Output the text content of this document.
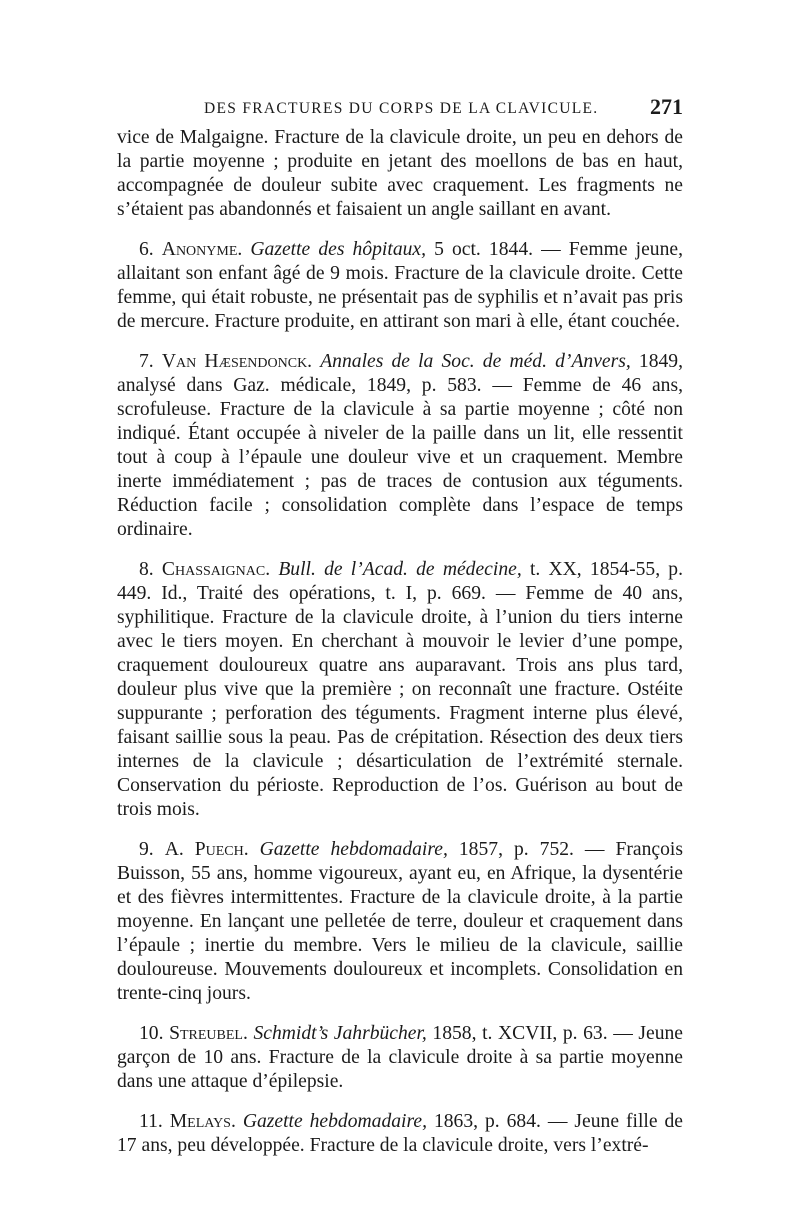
DES FRACTURES DU CORPS DE LA CLAVICULE. 271

vice de Malgaigne. Fracture de la clavicule droite, un peu en dehors de la partie moyenne ; produite en jetant des moellons de bas en haut, accompagnée de douleur subite avec craquement. Les fragments ne s’étaient pas abandonnés et faisaient un angle saillant en avant.

6. Anonyme. Gazette des hôpitaux, 5 oct. 1844. — Femme jeune, allaitant son enfant âgé de 9 mois. Fracture de la clavicule droite. Cette femme, qui était robuste, ne présentait pas de syphilis et n’avait pas pris de mercure. Fracture produite, en attirant son mari à elle, étant couchée.

7. Van Hæsendonck. Annales de la Soc. de méd. d’Anvers, 1849, analysé dans Gaz. médicale, 1849, p. 583. — Femme de 46 ans, scrofuleuse. Fracture de la clavicule à sa partie moyenne ; côté non indiqué. Étant occupée à niveler de la paille dans un lit, elle ressentit tout à coup à l’épaule une douleur vive et un craquement. Membre inerte immédiatement ; pas de traces de contusion aux téguments. Réduction facile ; consolidation complète dans l’espace de temps ordinaire.

8. Chassaignac. Bull. de l’Acad. de médecine, t. XX, 1854-55, p. 449. Id., Traité des opérations, t. I, p. 669. — Femme de 40 ans, syphilitique. Fracture de la clavicule droite, à l’union du tiers interne avec le tiers moyen. En cherchant à mouvoir le levier d’une pompe, craquement douloureux quatre ans auparavant. Trois ans plus tard, douleur plus vive que la première ; on reconnaît une fracture. Ostéite suppurante ; perforation des téguments. Fragment interne plus élevé, faisant saillie sous la peau. Pas de crépitation. Résection des deux tiers internes de la clavicule ; désarticulation de l’extrémité sternale. Conservation du périoste. Reproduction de l’os. Guérison au bout de trois mois.

9. A. Puech. Gazette hebdomadaire, 1857, p. 752. — François Buisson, 55 ans, homme vigoureux, ayant eu, en Afrique, la dysentérie et des fièvres intermittentes. Fracture de la clavicule droite, à la partie moyenne. En lançant une pelletée de terre, douleur et craquement dans l’épaule ; inertie du membre. Vers le milieu de la clavicule, saillie douloureuse. Mouvements douloureux et incomplets. Consolidation en trente-cinq jours.

10. Streubel. Schmidt’s Jahrbücher, 1858, t. XCVII, p. 63. — Jeune garçon de 10 ans. Fracture de la clavicule droite à sa partie moyenne dans une attaque d’épilepsie.

11. Melays. Gazette hebdomadaire, 1863, p. 684. — Jeune fille de 17 ans, peu développée. Fracture de la clavicule droite, vers l’extré-
